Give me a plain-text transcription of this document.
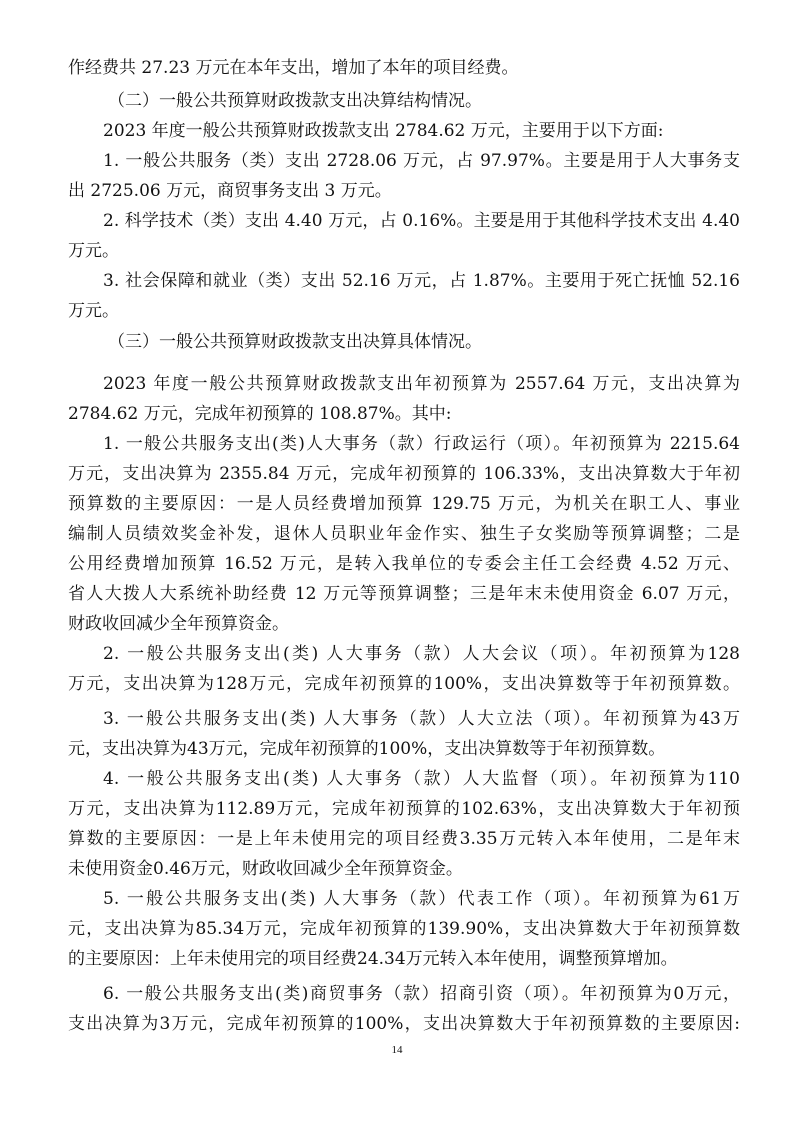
作经费共 27.23 万元在本年支出，增加了本年的项目经费。
（二）一般公共预算财政拨款支出决算结构情况。
2023 年度一般公共预算财政拨款支出 2784.62 万元，主要用于以下方面:
1. 一般公共服务（类）支出 2728.06 万元，占 97.97%。主要是用于人大事务支
出 2725.06 万元，商贸事务支出 3 万元。
2. 科学技术（类）支出 4.40 万元，占 0.16%。主要是用于其他科学技术支出 4.40
万元。
3. 社会保障和就业（类）支出 52.16 万元，占 1.87%。主要用于死亡抚恤 52.16
万元。
（三）一般公共预算财政拨款支出决算具体情况。
2023 年度一般公共预算财政拨款支出年初预算为 2557.64 万元，支出决算为
2784.62 万元，完成年初预算的 108.87%。其中:
1. 一般公共服务支出(类)人大事务（款）行政运行（项）。年初预算为 2215.64
万元，支出决算为 2355.84 万元，完成年初预算的 106.33%，支出决算数大于年初
预算数的主要原因：一是人员经费增加预算 129.75 万元，为机关在职工人、事业
编制人员绩效奖金补发，退休人员职业年金作实、独生子女奖励等预算调整；二是
公用经费增加预算 16.52 万元，是转入我单位的专委会主任工会经费 4.52 万元、
省人大拨人大系统补助经费 12 万元等预算调整；三是年末未使用资金 6.07 万元，
财政收回减少全年预算资金。
2. 一般公共服务支出(类) 人大事务（款）人大会议（项）。年初预算为128
万元，支出决算为128万元，完成年初预算的100%，支出决算数等于年初预算数。
3. 一般公共服务支出(类) 人大事务（款）人大立法（项）。年初预算为43万
元，支出决算为43万元，完成年初预算的100%，支出决算数等于年初预算数。
4. 一般公共服务支出(类) 人大事务（款）人大监督（项）。年初预算为110
万元，支出决算为112.89万元，完成年初预算的102.63%，支出决算数大于年初预
算数的主要原因：一是上年未使用完的项目经费3.35万元转入本年使用，二是年末
未使用资金0.46万元，财政收回减少全年预算资金。
5. 一般公共服务支出(类) 人大事务（款）代表工作（项）。年初预算为61万
元，支出决算为85.34万元，完成年初预算的139.90%，支出决算数大于年初预算数
的主要原因：上年未使用完的项目经费24.34万元转入本年使用，调整预算增加。
6. 一般公共服务支出(类)商贸事务（款）招商引资（项）。年初预算为0万元，
支出决算为3万元，完成年初预算的100%，支出决算数大于年初预算数的主要原因:
14
